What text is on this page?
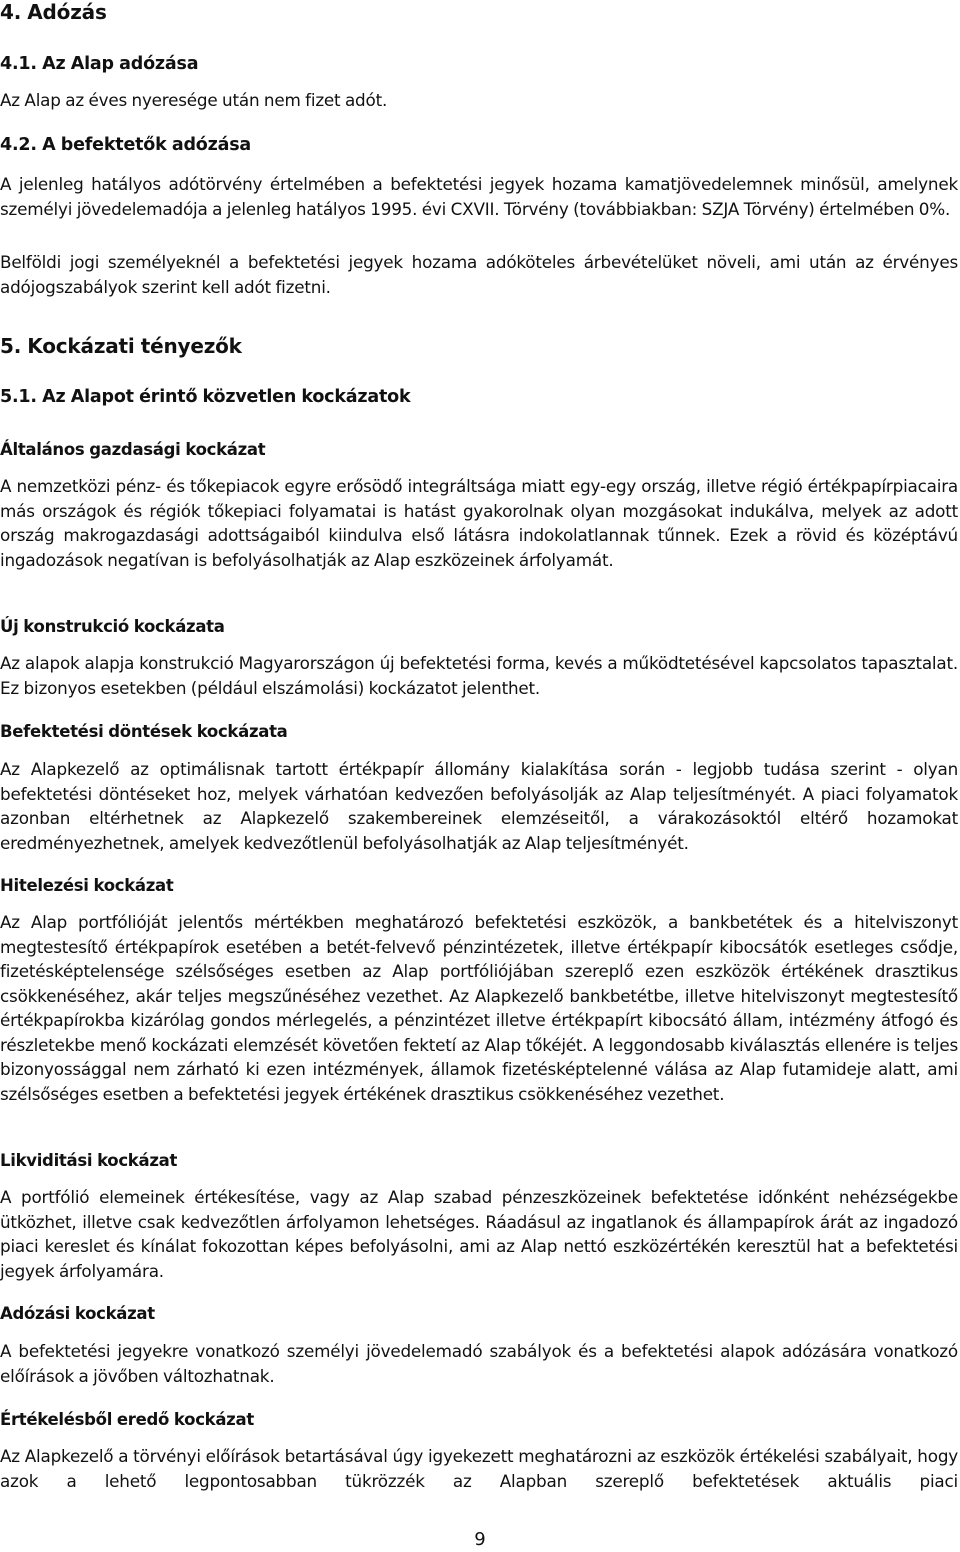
4. Adózás
4.1. Az Alap adózása

Az Alap az éves nyeresége után nem fizet adót.

4.2. A befektetők adózása

A jelenleg hatályos adótörvény értelmében a befektetési jegyek hozama kamatjövedelemnek minősül, amelynek személyi jövedelemadója a jelenleg hatályos 1995. évi CXVII. Törvény (továbbiakban: SZJA Törvény) értelmében 0%.

Belföldi jogi személyeknél a befektetési jegyek hozama adóköteles árbevételüket növeli, ami után az érvényes adójogszabályok szerint kell adót fizetni.

5. Kockázati tényezők
5.1. Az Alapot érintő közvetlen kockázatok
Általános gazdasági kockázat

A nemzetközi pénz- és tőkepiacok egyre erősödő integráltsága miatt egy-egy ország, illetve régió értékpapírpiacaira más országok és régiók tőkepiaci folyamatai is hatást gyakorolnak olyan mozgásokat indukálva, melyek az adott ország makrogazdasági adottságaiból kiindulva első látásra indokolatlannak tűnnek. Ezek a rövid és középtávú ingadozások negatívan is befolyásolhatják az Alap eszközeinek árfolyamát.

Új konstrukció kockázata

Az alapok alapja konstrukció Magyarországon új befektetési forma, kevés a működtetésével kapcsolatos tapasztalat. Ez bizonyos esetekben (például elszámolási) kockázatot jelenthet.

Befektetési döntések kockázata

Az Alapkezelő az optimálisnak tartott értékpapír állomány kialakítása során - legjobb tudása szerint - olyan befektetési döntéseket hoz, melyek várhatóan kedvezően befolyásolják az Alap teljesítményét. A piaci folyamatok azonban eltérhetnek az Alapkezelő szakembereinek elemzéseitől, a várakozásoktól eltérő hozamokat eredményezhetnek, amelyek kedvezőtlenül befolyásolhatják az Alap teljesítményét.

Hitelezési kockázat

Az Alap portfólióját jelentős mértékben meghatározó befektetési eszközök, a bankbetétek és a hitelviszonyt megtestesítő értékpapírok esetében a betét-felvevő pénzintézetek, illetve értékpapír kibocsátók esetleges csődje, fizetésképtelensége szélsőséges esetben az Alap portfóliójában szereplő ezen eszközök értékének drasztikus csökkenéséhez, akár teljes megszűnéséhez vezethet. Az Alapkezelő bankbetétbe, illetve hitelviszonyt megtestesítő értékpapírokba kizárólag gondos mérlegelés, a pénzintézet illetve értékpapírt kibocsátó állam, intézmény átfogó és részletekbe menő kockázati elemzését követően fektetí az Alap tőkéjét. A leggondosabb kiválasztás ellenére is teljes bizonyossággal nem zárható ki ezen intézmények, államok fizetésképtelenné válása az Alap futamideje alatt, ami szélsőséges esetben a befektetési jegyek értékének drasztikus csökkenéséhez vezethet.

Likviditási kockázat

A portfólió elemeinek értékesítése, vagy az Alap szabad pénzeszközeinek befektetése időnként nehézségekbe ütközhet, illetve csak kedvezőtlen árfolyamon lehetséges. Ráadásul az ingatlanok és állampapírok árát az ingadozó piaci kereslet és kínálat fokozottan képes befolyásolni, ami az Alap nettó eszközértékén keresztül hat a befektetési jegyek árfolyamára.

Adózási kockázat

A befektetési jegyekre vonatkozó személyi jövedelemadó szabályok és a befektetési alapok adózására vonatkozó előírások a jövőben változhatnak.

Értékelésből eredő kockázat

Az Alapkezelő a törvényi előírások betartásával úgy igyekezett meghatározni az eszközök értékelési szabályait, hogy azok a lehető legpontosabban tükrözzék az Alapban szereplő befektetések aktuális piaci

9
